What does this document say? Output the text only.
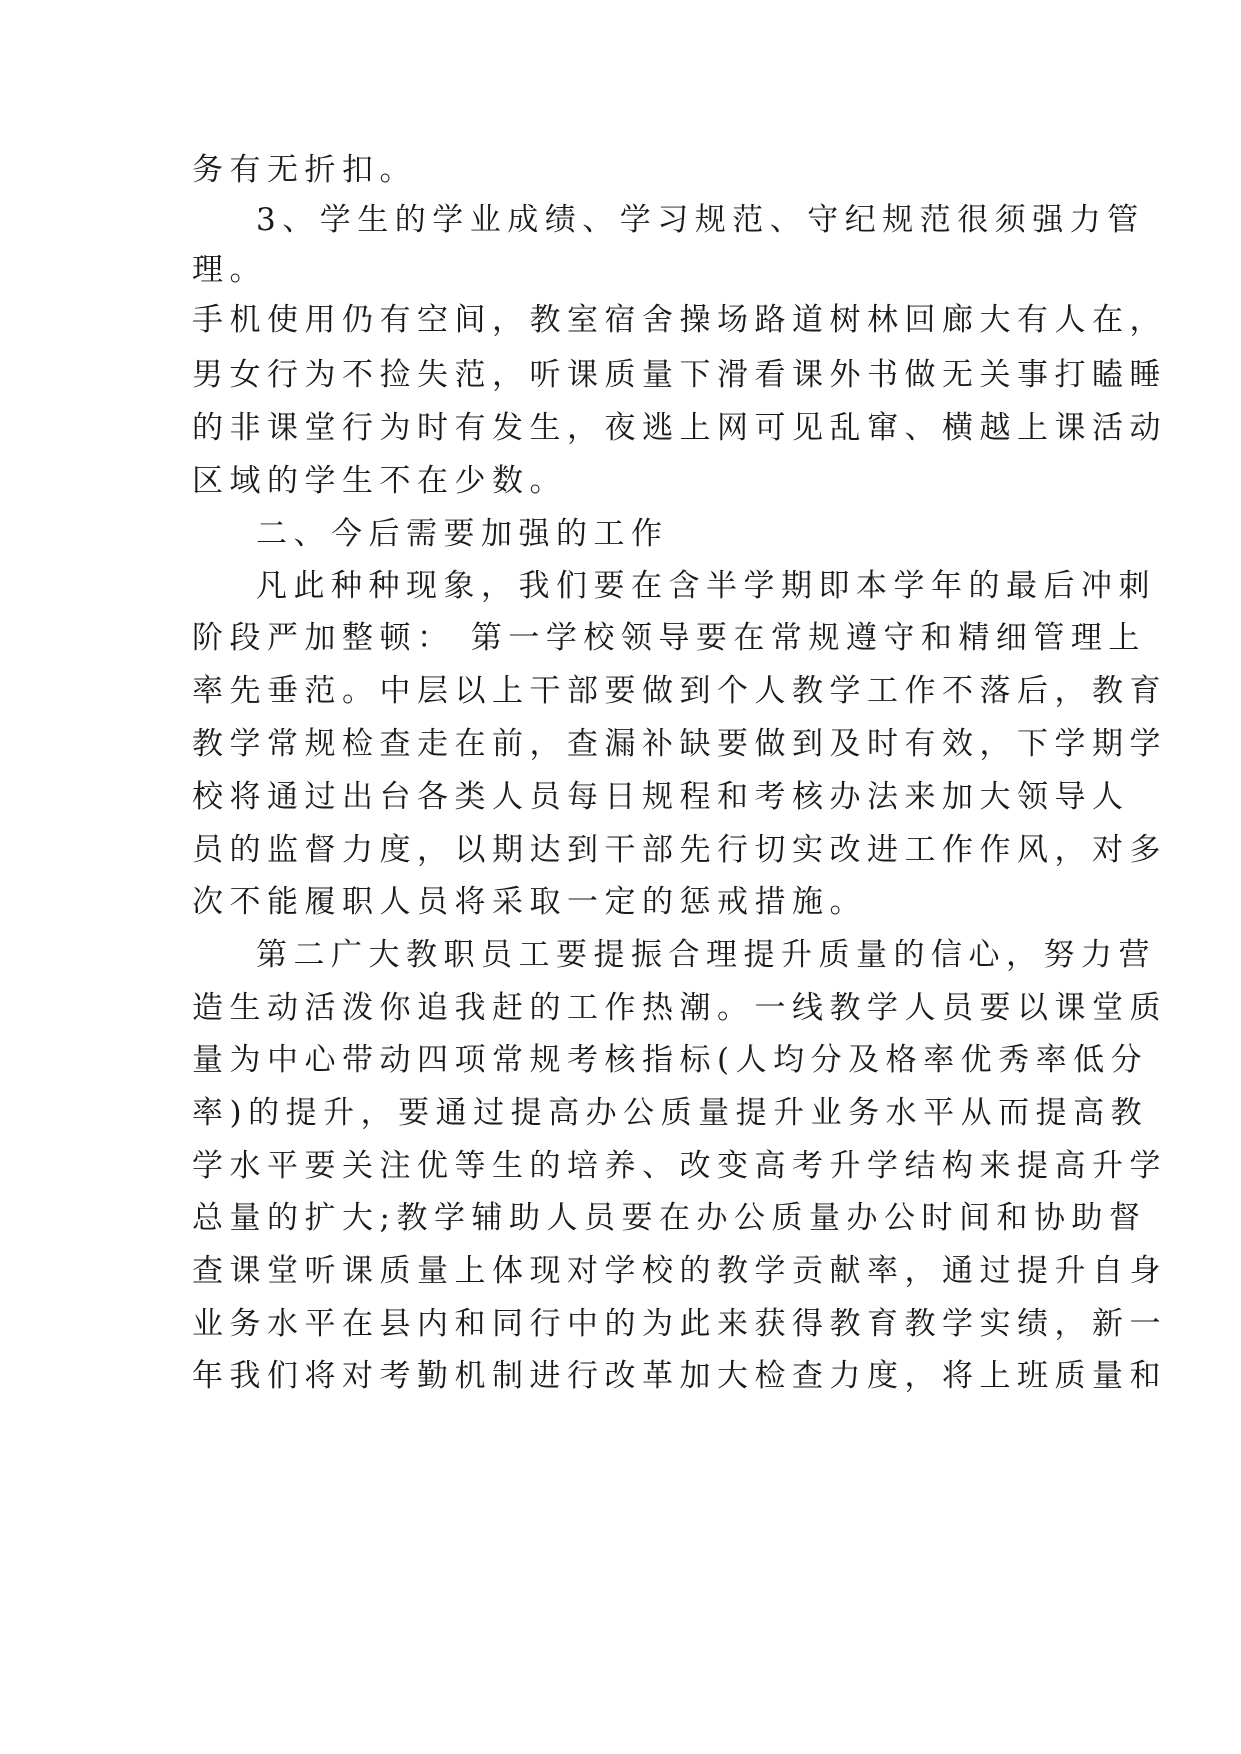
务有无折扣。
3、学生的学业成绩、学习规范、守纪规范很须强力管
理。
手机使用仍有空间，教室宿舍操场路道树林回廊大有人在，
男女行为不捡失范，听课质量下滑看课外书做无关事打瞌睡
的非课堂行为时有发生，夜逃上网可见乱窜、横越上课活动
区域的学生不在少数。
二、今后需要加强的工作
凡此种种现象，我们要在含半学期即本学年的最后冲刺
阶段严加整顿： 第一学校领导要在常规遵守和精细管理上
率先垂范。中层以上干部要做到个人教学工作不落后，教育
教学常规检查走在前，查漏补缺要做到及时有效，下学期学
校将通过出台各类人员每日规程和考核办法来加大领导人
员的监督力度，以期达到干部先行切实改进工作作风，对多
次不能履职人员将采取一定的惩戒措施。
第二广大教职员工要提振合理提升质量的信心，努力营
造生动活泼你追我赶的工作热潮。一线教学人员要以课堂质
量为中心带动四项常规考核指标(人均分及格率优秀率低分
率)的提升，要通过提高办公质量提升业务水平从而提高教
学水平要关注优等生的培养、改变高考升学结构来提高升学
总量的扩大;教学辅助人员要在办公质量办公时间和协助督
查课堂听课质量上体现对学校的教学贡献率，通过提升自身
业务水平在县内和同行中的为此来获得教育教学实绩，新一
年我们将对考勤机制进行改革加大检查力度，将上班质量和
